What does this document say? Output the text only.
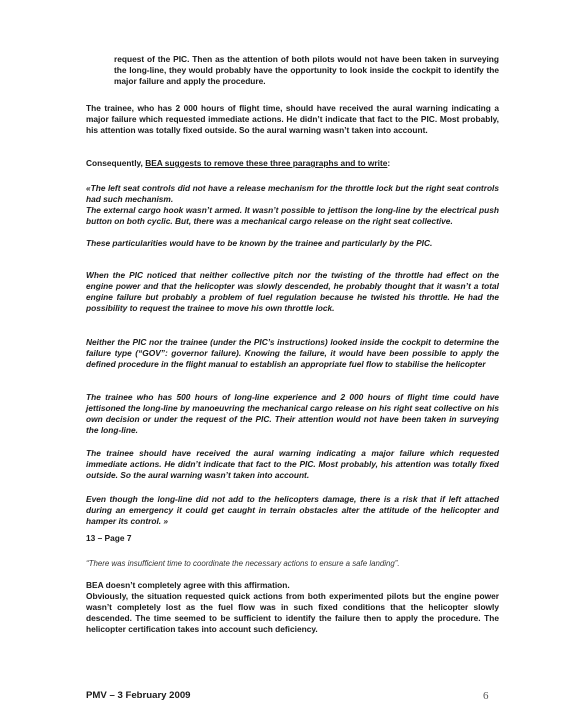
request of the PIC. Then as the attention of both pilots would not have been taken in surveying the long-line, they would probably have the opportunity to look inside the cockpit to identify the major failure and apply the procedure.

The trainee, who has 2 000 hours of flight time, should have received the aural warning indicating a major failure which requested immediate actions. He didn’t indicate that fact to the PIC. Most probably, his attention was totally fixed outside. So the aural warning wasn’t taken into account.

Consequently, BEA suggests to remove these three paragraphs and to write:

«The left seat controls did not have a release mechanism for the throttle lock but the right seat controls had such mechanism.

The external cargo hook wasn’t armed. It wasn’t possible to jettison the long-line by the electrical push button on both cyclic. But, there was a mechanical cargo release on the right seat collective.

These particularities would have to be known by the trainee and particularly by the PIC.

When the PIC noticed that neither collective pitch nor the twisting of the throttle had effect on the engine power and that the helicopter was slowly descended, he probably thought that it wasn’t a total engine failure but probably a problem of fuel regulation because he twisted his throttle. He had the possibility to request the trainee to move his own throttle lock.

Neither the PIC nor the trainee (under the PIC’s instructions) looked inside the cockpit to determine the failure type (“GOV”: governor failure). Knowing the failure, it would have been possible to apply the defined procedure in the flight manual to establish an appropriate fuel flow to stabilise the helicopter

The trainee who has 500 hours of long-line experience and 2 000 hours of flight time could have jettisoned the long-line by manoeuvring the mechanical cargo release on his right seat collective on his own decision or under the request of the PIC. Their attention would not have been taken in surveying the long-line.

The trainee should have received the aural warning indicating a major failure which requested immediate actions. He didn’t indicate that fact to the PIC. Most probably, his attention was totally fixed outside. So the aural warning wasn’t taken into account.

Even though the long-line did not add to the helicopters damage, there is a risk that if left attached during an emergency it could get caught in terrain obstacles alter the attitude of the helicopter and hamper its control. »

13 – Page 7

“There was insufficient time to coordinate the necessary actions to ensure a safe landing”.

BEA doesn’t completely agree with this affirmation.

Obviously, the situation requested quick actions from both experimented pilots but the engine power wasn’t completely lost as the fuel flow was in such fixed conditions that the helicopter slowly descended. The time seemed to be sufficient to identify the failure then to apply the procedure. The helicopter certification takes into account such deficiency.

PMV – 3 February 2009	6
